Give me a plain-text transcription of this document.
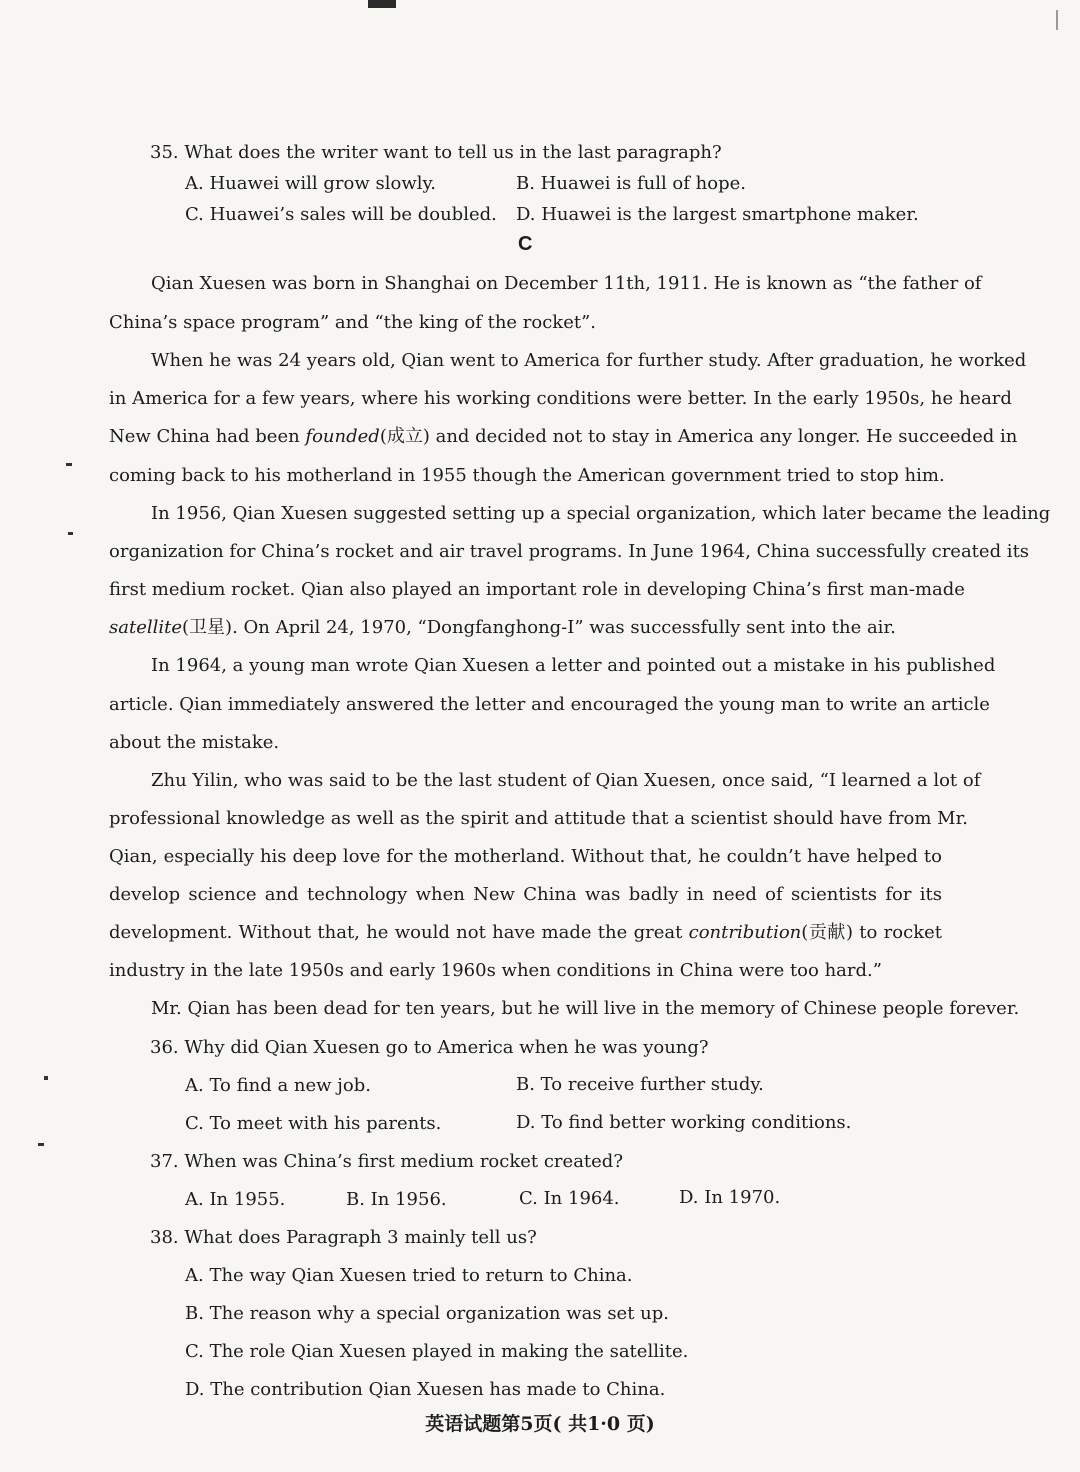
35. What does the writer want to tell us in the last paragraph?
A. Huawei will grow slowly.	B. Huawei is full of hope.
C. Huawei’s sales will be doubled. D. Huawei is the largest smartphone maker.
C
Qian Xuesen was born in Shanghai on December 11th, 1911. He is known as “the father of
China’s space program” and “the king of the rocket”.
When he was 24 years old, Qian went to America for further study. After graduation, he worked
in America for a few years, where his working conditions were better. In the early 1950s, he heard
New China had been founded(成立) and decided not to stay in America any longer. He succeeded in
coming back to his motherland in 1955 though the American government tried to stop him.
In 1956, Qian Xuesen suggested setting up a special organization, which later became the leading
organization for China’s rocket and air travel programs. In June 1964, China successfully created its
first medium rocket. Qian also played an important role in developing China’s first man-made
satellite(卫星). On April 24, 1970, “Dongfanghong-I” was successfully sent into the air.
In 1964, a young man wrote Qian Xuesen a letter and pointed out a mistake in his published
article. Qian immediately answered the letter and encouraged the young man to write an article
about the mistake.
Zhu Yilin, who was said to be the last student of Qian Xuesen, once said, “I learned a lot of
professional knowledge as well as the spirit and attitude that a scientist should have from Mr.
Qian, especially his deep love for the motherland. Without that, he couldn’t have helped to
develop science and technology when New China was badly in need of scientists for its
development. Without that, he would not have made the great contribution(贡献) to rocket
industry in the late 1950s and early 1960s when conditions in China were too hard.”
Mr. Qian has been dead for ten years, but he will live in the memory of Chinese people forever.
36. Why did Qian Xuesen go to America when he was young?
A. To find a new job.	B. To receive further study.
C. To meet with his parents.	D. To find better working conditions.
37. When was China’s first medium rocket created?
A. In 1955.	B. In 1956.	C. In 1964.	D. In 1970.
38. What does Paragraph 3 mainly tell us?
A. The way Qian Xuesen tried to return to China.
B. The reason why a special organization was set up.
C. The role Qian Xuesen played in making the satellite.
D. The contribution Qian Xuesen has made to China.
英语试题第5页( 共1·0 页)
